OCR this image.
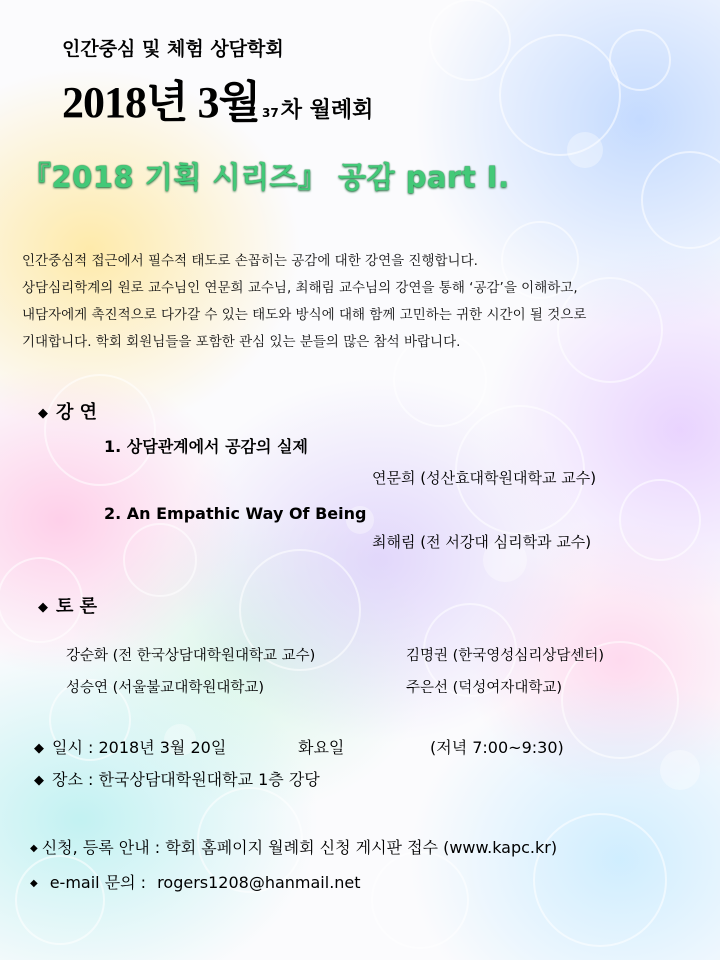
인간중심 및 체험 상담학회
2018년 3월 37차 월례회
『2018 기획 시리즈』 공감 part Ⅰ.

인간중심적 접근에서 필수적 태도로 손꼽히는 공감에 대한 강연을 진행합니다.

상담심리학계의 원로 교수님인 연문희 교수님, 최해림 교수님의 강연을 통해 ‘공감’을 이해하고,

내담자에게 촉진적으로 다가갈 수 있는 태도와 방식에 대해 함께 고민하는 귀한 시간이 될 것으로

기대합니다. 학회 회원님들을 포함한 관심 있는 분들의 많은 참석 바랍니다.

◆ 강 연
1. 상담관계에서 공감의 실제
연문희 (성산효대학원대학교 교수)
2. An Empathic Way Of Being
최해림 (전 서강대 심리학과 교수)
◆ 토 론
강순화 (전 한국상담대학원대학교 교수)	김명권 (한국영성심리상담센터)
성승연 (서울불교대학원대학교)	주은선 (덕성여자대학교)
◆ 일시 : 2018년 3월 20일	화요일	(저녁 7:00~9:30)
◆ 장소 : 한국상담대학원대학교 1층 강당
◆ 신청, 등록 안내 : 학회 홈페이지 월례회 신청 게시판 접수 (www.kapc.kr)
◆ e-mail 문의 : rogers1208@hanmail.net
